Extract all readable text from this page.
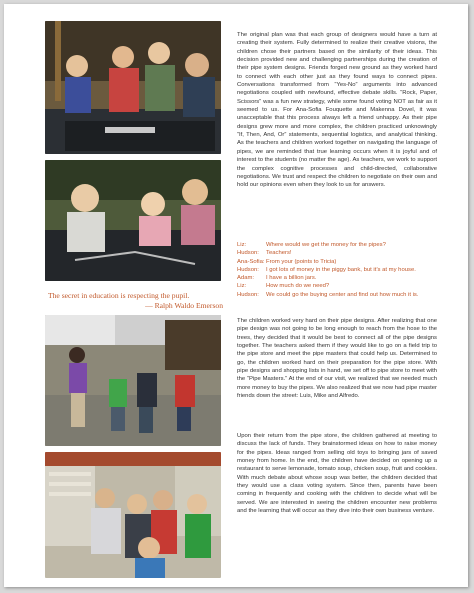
The secret in education is respecting the pupil.
— Ralph Waldo Emerson

The original plan was that each group of designers would have a turn at creating their system. Fully determined to realize their creative visions, the children chose their partners based on the similarity of their ideas. This decision provided new and challenging partnerships during the creation of their pipe system designs. Friends forged new ground as they worked hard to connect with each other just as they found ways to connect pipes. Conversations transformed from “Yes-No” arguments into advanced negotiations coupled with newfound, effective debate skills. “Rock, Paper, Scissors” was a fun new strategy, while some found voting NOT as fair as it seemed to us. For Ana-Sofia Fouquette and Makenna Dovel, it was unacceptable that this process always left a friend unhappy. As their pipe designs grew more and more complex, the children practiced unknowingly “If, Then, And, Or” statements, sequential logistics, and analytical thinking. As the teachers and children worked together on navigating the language of pipes, we are reminded that true learning occurs when it is joyful and of interest to the students (no matter the age). As teachers, we work to support the complex cognitive processes and child-directed, collaborative negotiations. We trust and respect the children to negotiate on their own and hold our opinions even when they look to us for answers.

Liz:	Where would we get the money for the pipes?
Hudson:	Teachers!
Ana-Sofia: From your (points to Tricia)
Hudson:	I got lots of money in the piggy bank, but it’s at my house.
Adam:	I have a billion jars.
Liz:	How much do we need?
Hudson:	We could go the buying center and find out how much it is.

The children worked very hard on their pipe designs. After realizing that one pipe design was not going to be long enough to reach from the hose to the trees, they decided that it would be best to connect all of the pipe designs together. The teachers asked them if they would like to go on a field trip to the pipe store and meet the pipe masters that could help us. Determined to go, the children worked hard on their preparation for the pipe store. With pipe designs and shopping lists in hand, we set off to pipe store to meet with the “Pipe Masters.” At the end of our visit, we realized that we needed much more money to buy the pipes. We also realized that we now had pipe master friends down the street: Luis, Mike and Alfredo.

Upon their return from the pipe store, the children gathered at meeting to discuss the lack of funds. They brainstormed ideas on how to raise money for the pipes. Ideas ranged from selling old toys to bringing jars of saved money from home. In the end, the children have decided on opening up a restaurant to serve lemonade, tomato soup, chicken soup, fruit and cookies. With much debate about whose soup was better, the children decided that they would use a class voting system. Since then, parents have been coming in frequently and cooking with the children to decide what will be served. We are interested in seeing the children encounter new problems and the learning that will occur as they dive into their own business venture.
